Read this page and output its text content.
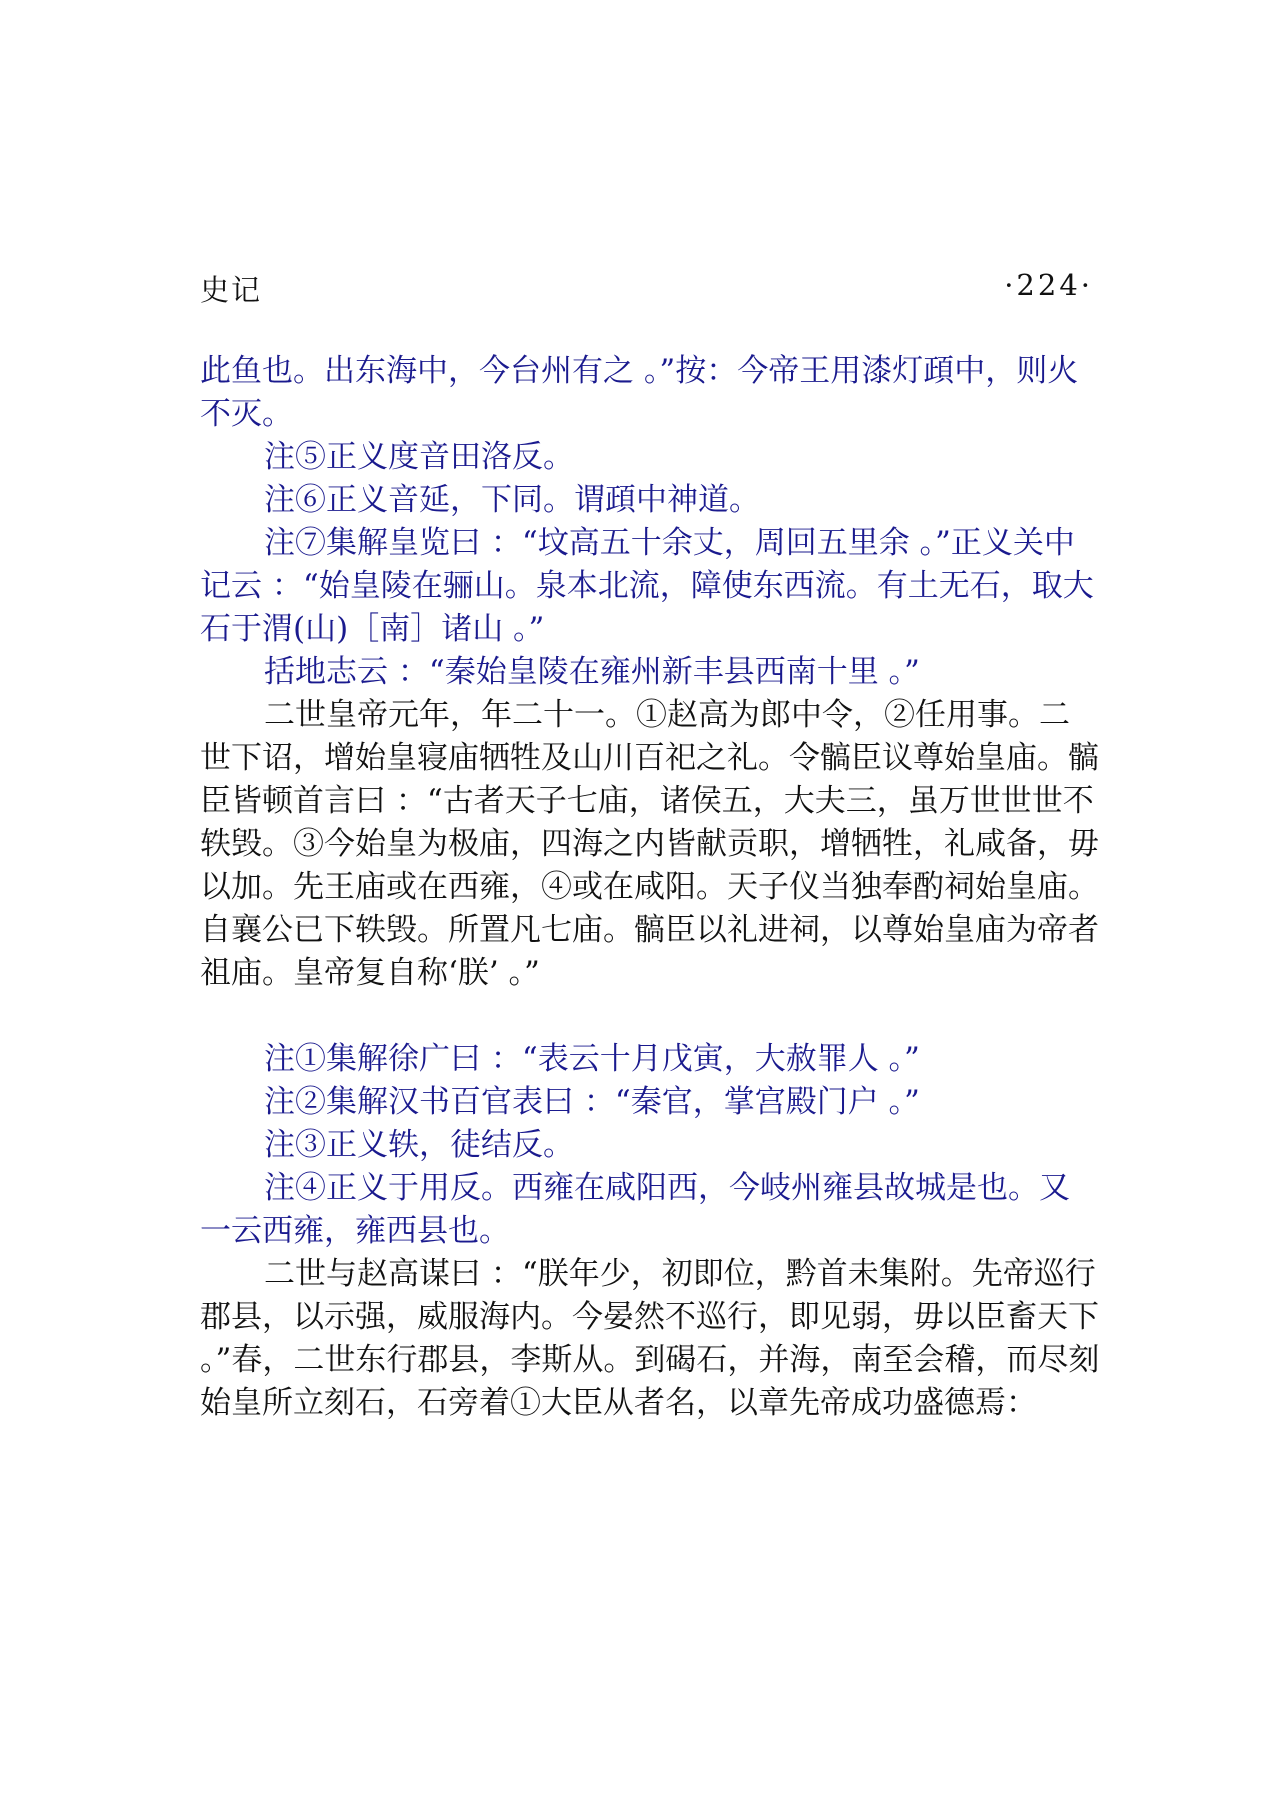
史记	·224·

此鱼也。出东海中，今台州有之 。”按：今帝王用漆灯頙中，则火不灭。

注⑤正义度音田洛反。

注⑥正义音延，下同。谓頙中神道。

注⑦集解皇览曰 ：“坟高五十余丈，周回五里余 。”正义关中记云 ：“始皇陵在骊山。泉本北流，障使东西流。有土无石，取大石于渭(山)［南］诸山 。”

括地志云 ：“秦始皇陵在雍州新丰县西南十里 。”

二世皇帝元年，年二十一。①赵高为郎中令，②任用事。二世下诏，增始皇寝庙牺牲及山川百祀之礼。令髇臣议尊始皇庙。髇臣皆顿首言曰 ：“古者天子七庙，诸侯五，大夫三，虽万世世世不轶毁。③今始皇为极庙，四海之内皆献贡职，增牺牲，礼咸备，毋以加。先王庙或在西雍，④或在咸阳。天子仪当独奉酌祠始皇庙。自襄公已下轶毁。所置凡七庙。髇臣以礼进祠，以尊始皇庙为帝者祖庙。皇帝复自称‘朕’ 。”

注①集解徐广曰 ：“表云十月戊寅，大赦罪人 。”

注②集解汉书百官表曰 ：“秦官，掌宫殿门户 。”

注③正义轶，徒结反。

注④正义于用反。西雍在咸阳西，今岐州雍县故城是也。又一云西雍，雍西县也。

二世与赵高谋曰 ：“朕年少，初即位，黔首未集附。先帝巡行郡县，以示强，威服海内。今晏然不巡行，即见弱，毋以臣畜天下 。”春，二世东行郡县，李斯从。到碣石，并海，南至会稽，而尽刻始皇所立刻石，石旁着①大臣从者名，以章先帝成功盛德焉：
